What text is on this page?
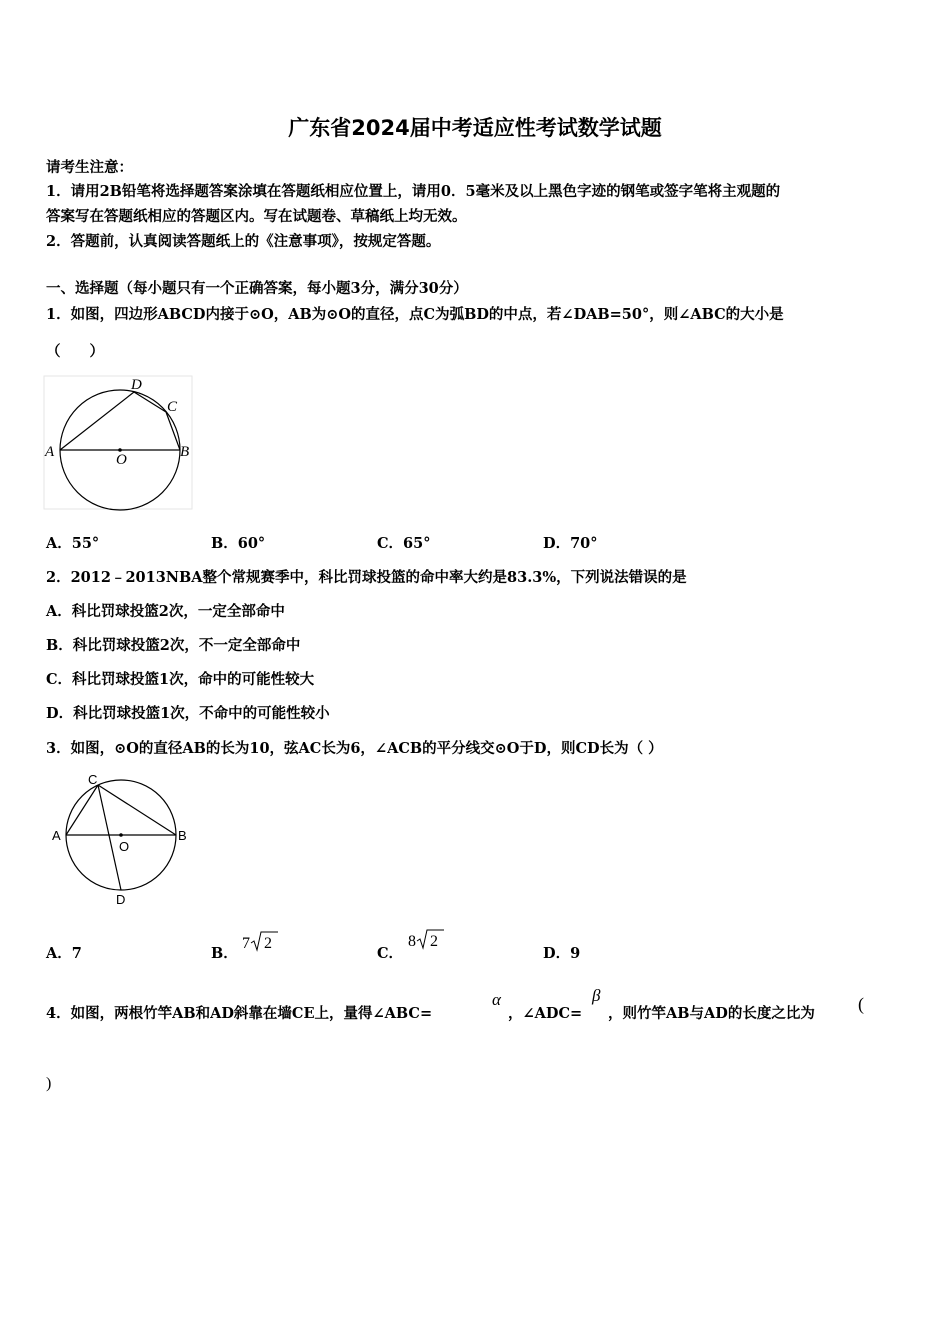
广东省2024届中考适应性考试数学试题
请考生注意：
1．请用2B铅笔将选择题答案涂填在答题纸相应位置上，请用0．5毫米及以上黑色字迹的钢笔或签字笔将主观题的
答案写在答题纸相应的答题区内。写在试题卷、草稿纸上均无效。
2．答题前，认真阅读答题纸上的《注意事项》，按规定答题。
一、选择题（每小题只有一个正确答案，每小题3分，满分30分）
1．如图，四边形ABCD内接于⊙O，AB为⊙O的直径，点C为弧BD的中点，若∠DAB=50°，则∠ABC的大小是
（　　）
A	B
C
D
O
A．55°	B．60°	C．65°	D．70°
2．2012﹣2013NBA整个常规赛季中，科比罚球投篮的命中率大约是83.3%，下列说法错误的是
A．科比罚球投篮2次，一定全部命中
B．科比罚球投篮2次，不一定全部命中
C．科比罚球投篮1次，命中的可能性较大
D．科比罚球投篮1次，不命中的可能性较小
3．如图，⊙O的直径AB的长为10，弦AC长为6，∠ACB的平分线交⊙O于D，则CD长为（ ）
A	B
C
D
O
A．7	B．
7 2
C．
8 2
D．9
4．如图，两根竹竿AB和AD斜靠在墙CE上，量得∠ABC=
α
，∠ADC=
β
，则竹竿AB与AD的长度之比为 (
)
